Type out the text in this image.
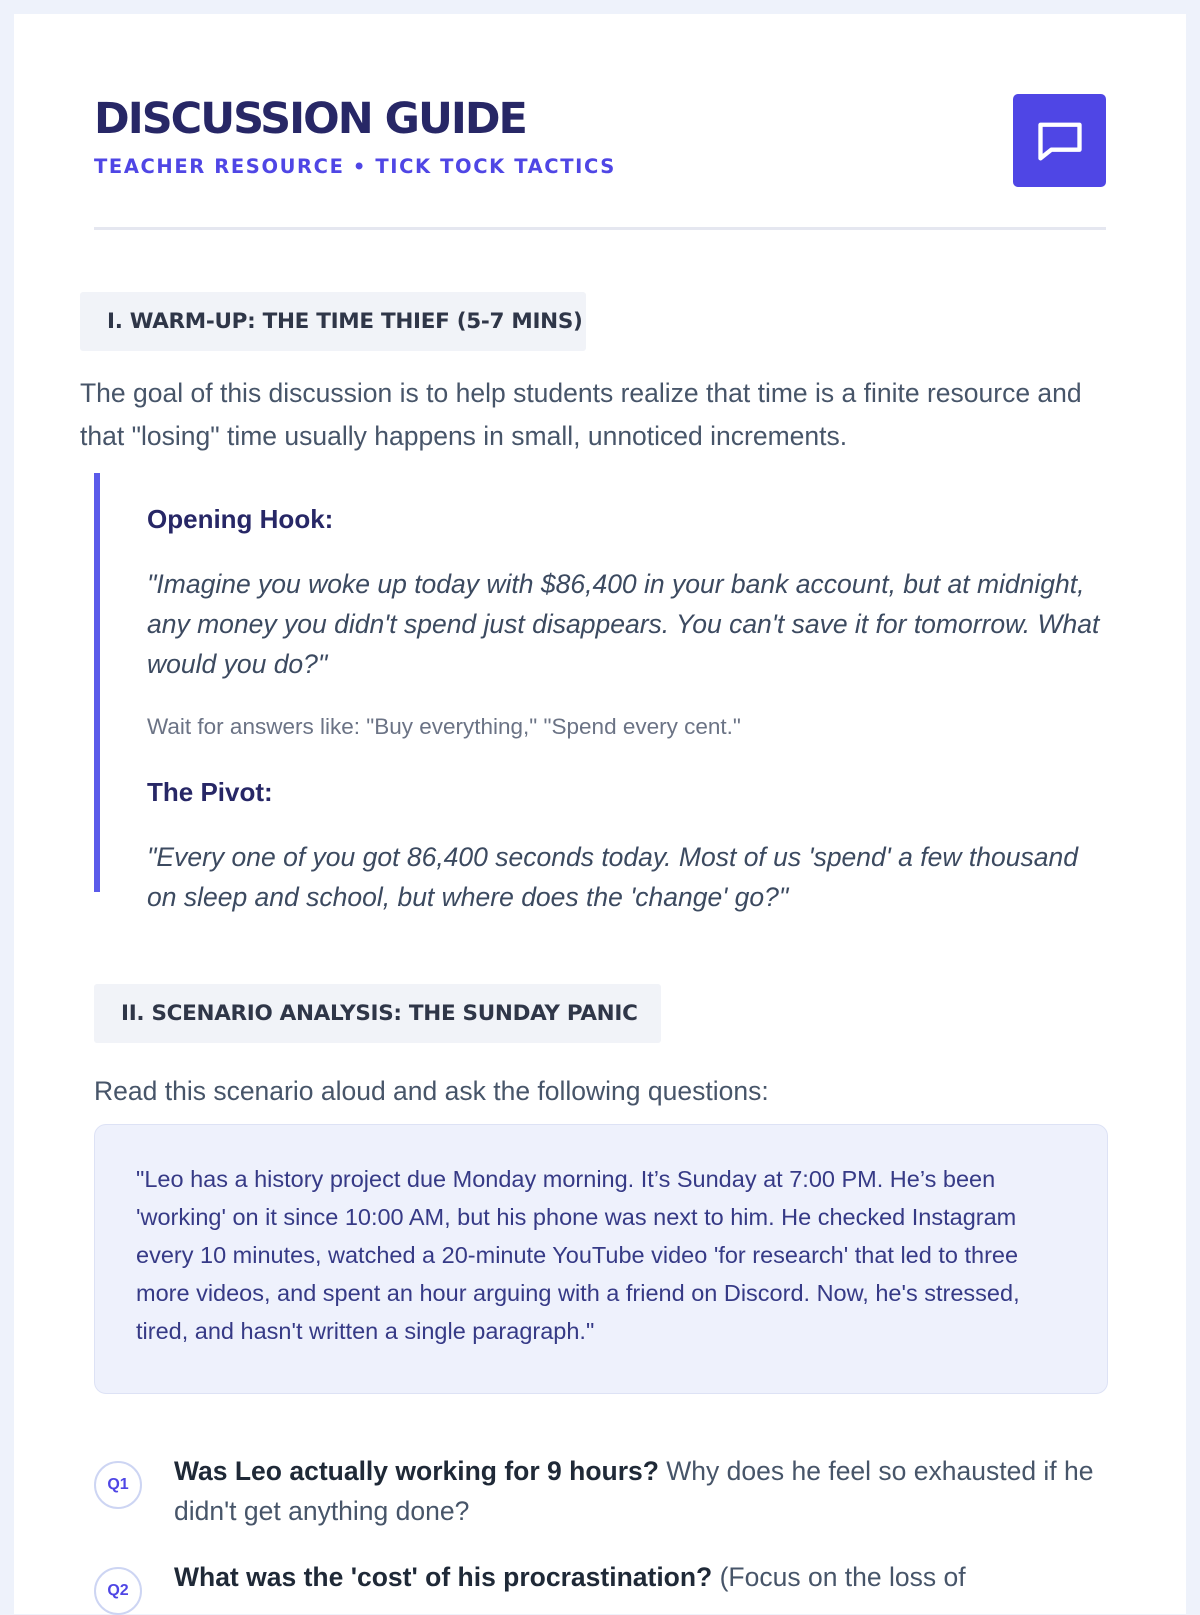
DISCUSSION GUIDE
TEACHER RESOURCE • TICK TOCK TACTICS
I. WARM-UP: THE TIME THIEF (5-7 MINS)

The goal of this discussion is to help students realize that time is a finite resource and that "losing" time usually happens in small, unnoticed increments.

Opening Hook:

"Imagine you woke up today with $86,400 in your bank account, but at midnight, any money you didn't spend just disappears. You can't save it for tomorrow. What would you do?"

Wait for answers like: "Buy everything," "Spend every cent."
The Pivot:

"Every one of you got 86,400 seconds today. Most of us 'spend' a few thousand on sleep and school, but where does the 'change' go?"

II. SCENARIO ANALYSIS: THE SUNDAY PANIC

Read this scenario aloud and ask the following questions:

"Leo has a history project due Monday morning. It’s Sunday at 7:00 PM. He’s been 'working' on it since 10:00 AM, but his phone was next to him. He checked Instagram every 10 minutes, watched a 20-minute YouTube video 'for research' that led to three more videos, and spent an hour arguing with a friend on Discord. Now, he's stressed, tired, and hasn't written a single paragraph."

Q1	Was Leo actually working for 9 hours? Why does he feel so exhausted if he didn't get anything done?

Q2	What was the 'cost' of his procrastination? (Focus on the loss of
